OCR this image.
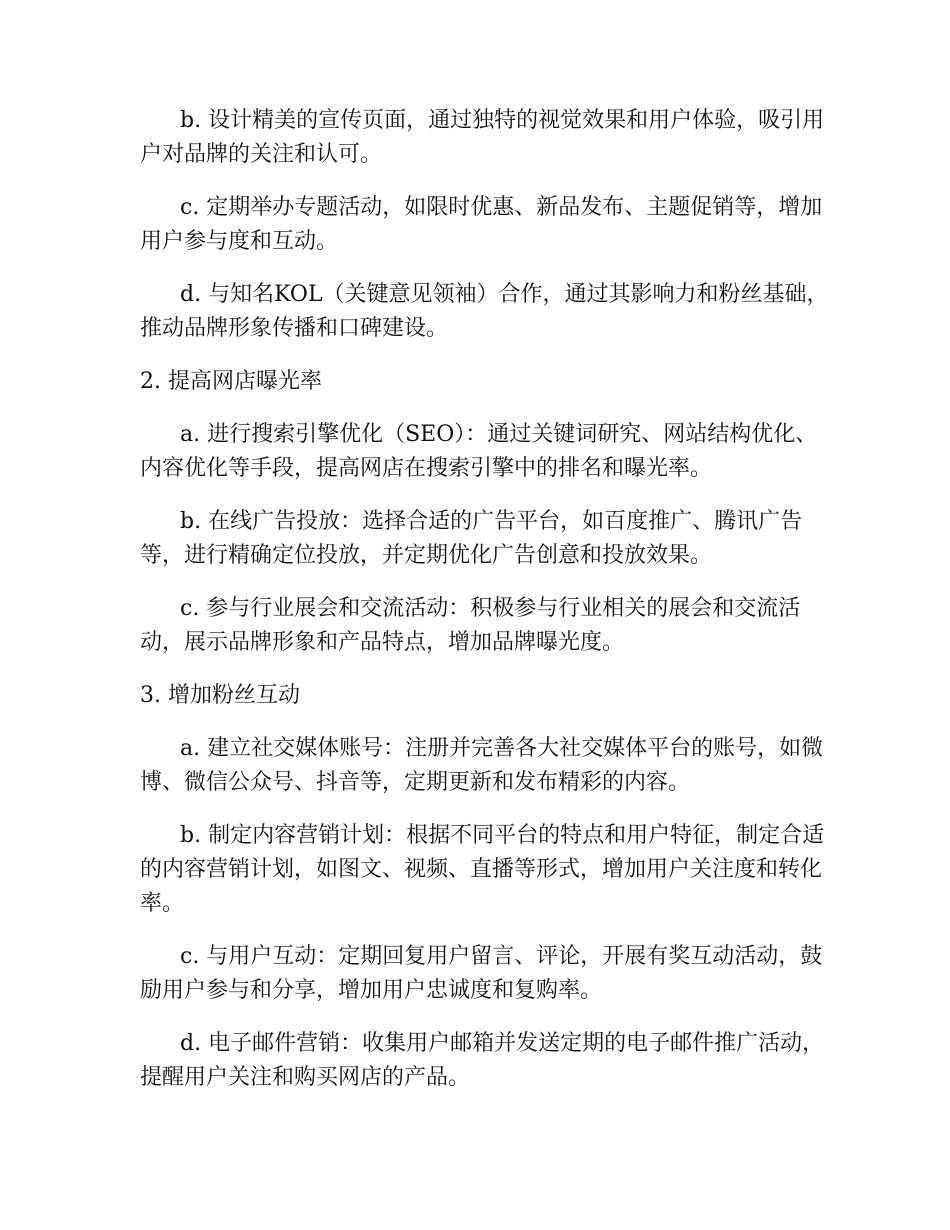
b. 设计精美的宣传页面，通过独特的视觉效果和用户体验，吸引用户对品牌的关注和认可。

c. 定期举办专题活动，如限时优惠、新品发布、主题促销等，增加用户参与度和互动。

d. 与知名KOL（关键意见领袖）合作，通过其影响力和粉丝基础，推动品牌形象传播和口碑建设。

2. 提高网店曝光率

a. 进行搜索引擎优化（SEO）：通过关键词研究、网站结构优化、内容优化等手段，提高网店在搜索引擎中的排名和曝光率。

b. 在线广告投放：选择合适的广告平台，如百度推广、腾讯广告等，进行精确定位投放，并定期优化广告创意和投放效果。

c. 参与行业展会和交流活动：积极参与行业相关的展会和交流活动，展示品牌形象和产品特点，增加品牌曝光度。

3. 增加粉丝互动

a. 建立社交媒体账号：注册并完善各大社交媒体平台的账号，如微博、微信公众号、抖音等，定期更新和发布精彩的内容。

b. 制定内容营销计划：根据不同平台的特点和用户特征，制定合适的内容营销计划，如图文、视频、直播等形式，增加用户关注度和转化率。

c. 与用户互动：定期回复用户留言、评论，开展有奖互动活动，鼓励用户参与和分享，增加用户忠诚度和复购率。

d. 电子邮件营销：收集用户邮箱并发送定期的电子邮件推广活动，提醒用户关注和购买网店的产品。
